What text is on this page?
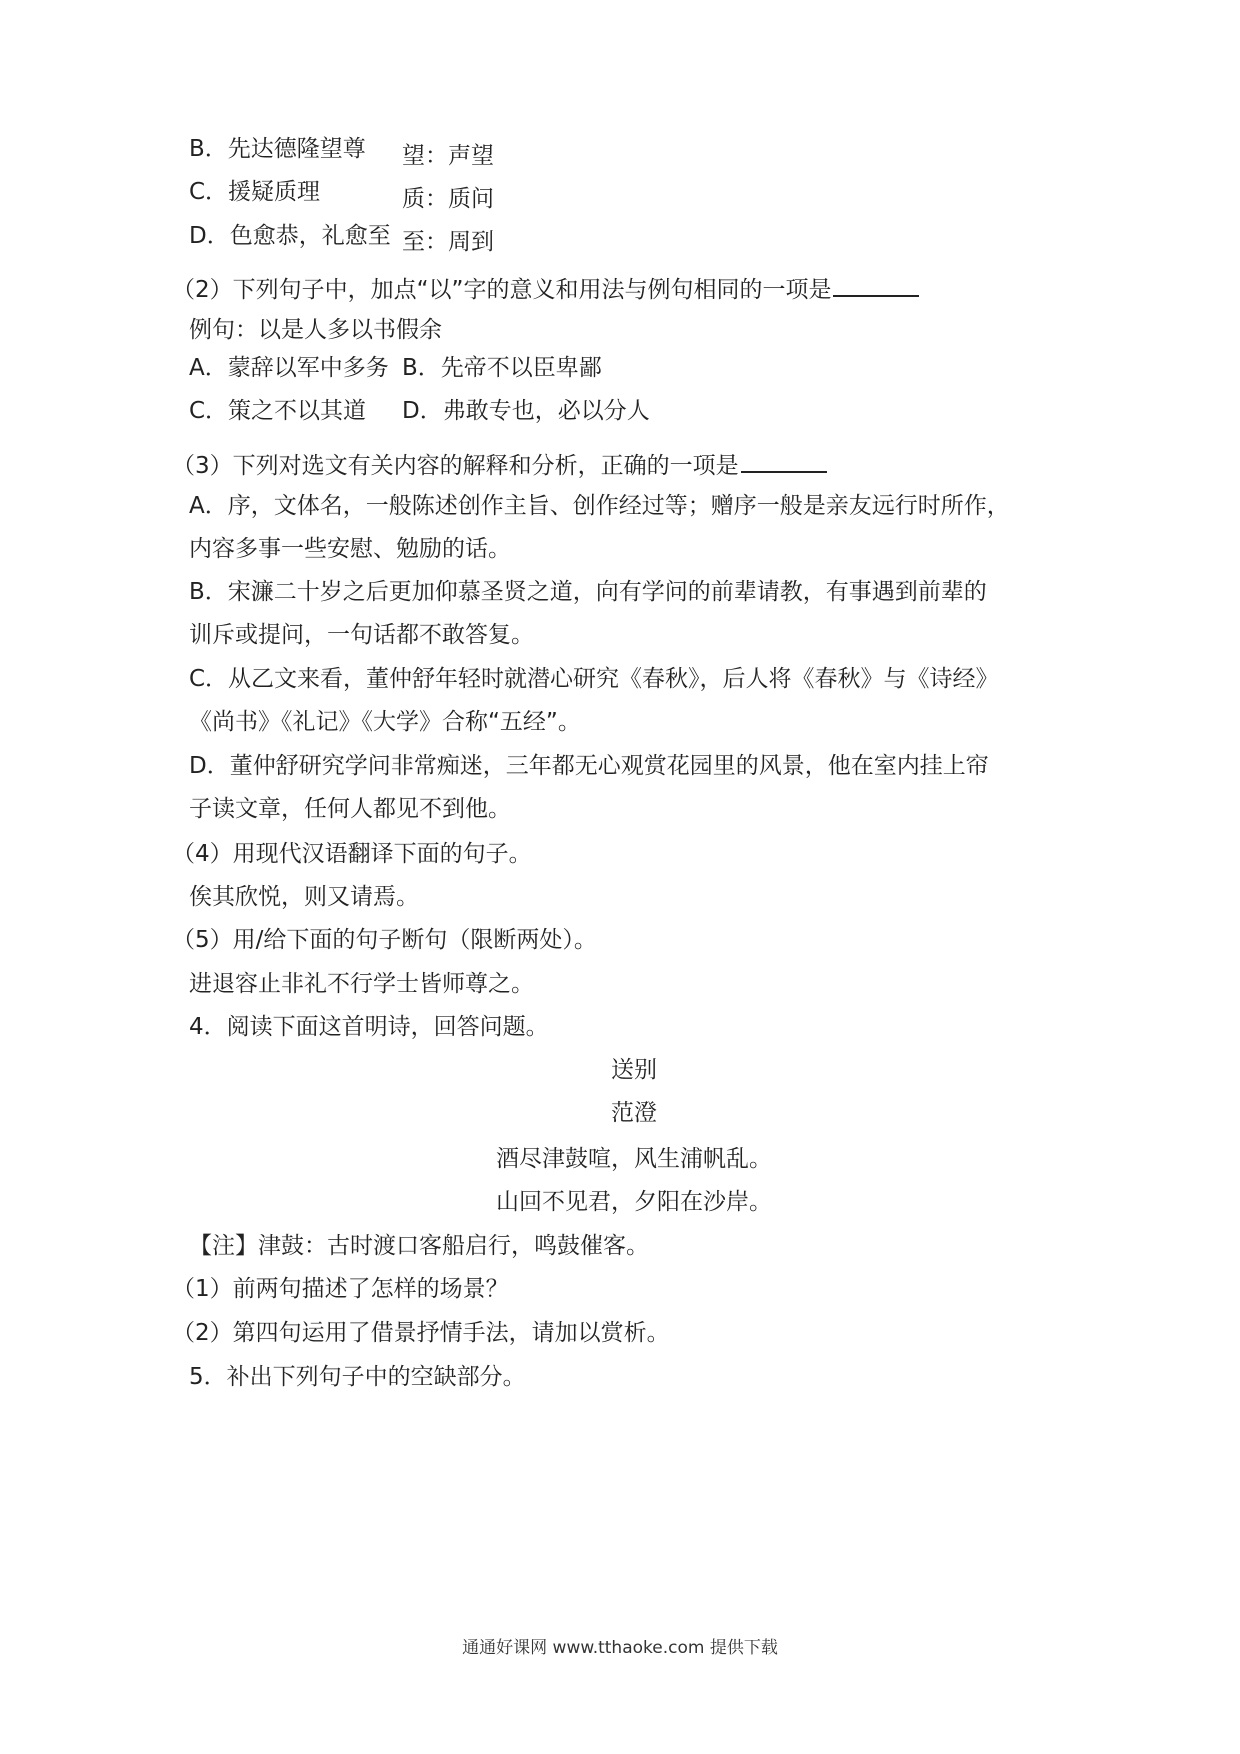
B．先达德隆望尊 望：声望
C．援疑质理	质：质问
D．色愈恭，礼愈至 至：周到
（2）下列句子中，加点“以”字的意义和用法与例句相同的一项是
例句：以是人多以书假余
A．蒙辞以军中多务 B．先帝不以臣卑鄙
C．策之不以其道 D．弗敢专也，必以分人
（3）下列对选文有关内容的解释和分析，正确的一项是
A．序，文体名，一般陈述创作主旨、创作经过等；赠序一般是亲友远行时所作，
内容多事一些安慰、勉励的话。
B．宋濂二十岁之后更加仰慕圣贤之道，向有学问的前辈请教，有事遇到前辈的
训斥或提问，一句话都不敢答复。
C．从乙文来看，董仲舒年轻时就潜心研究《春秋》，后人将《春秋》与《诗经》
《尚书》《礼记》《大学》合称“五经”。
D．董仲舒研究学问非常痴迷，三年都无心观赏花园里的风景，他在室内挂上帘
子读文章，任何人都见不到他。
（4）用现代汉语翻译下面的句子。
俟其欣悦，则又请焉。
（5）用/给下面的句子断句（限断两处）。
进退容止非礼不行学士皆师尊之。
4．阅读下面这首明诗，回答问题。
送别
范澄
酒尽津鼓喧，风生浦帆乱。
山回不见君，夕阳在沙岸。
【注】津鼓：古时渡口客船启行，鸣鼓催客。
（1）前两句描述了怎样的场景？
（2）第四句运用了借景抒情手法，请加以赏析。
5．补出下列句子中的空缺部分。
通通好课网 www.tthaoke.com 提供下载
